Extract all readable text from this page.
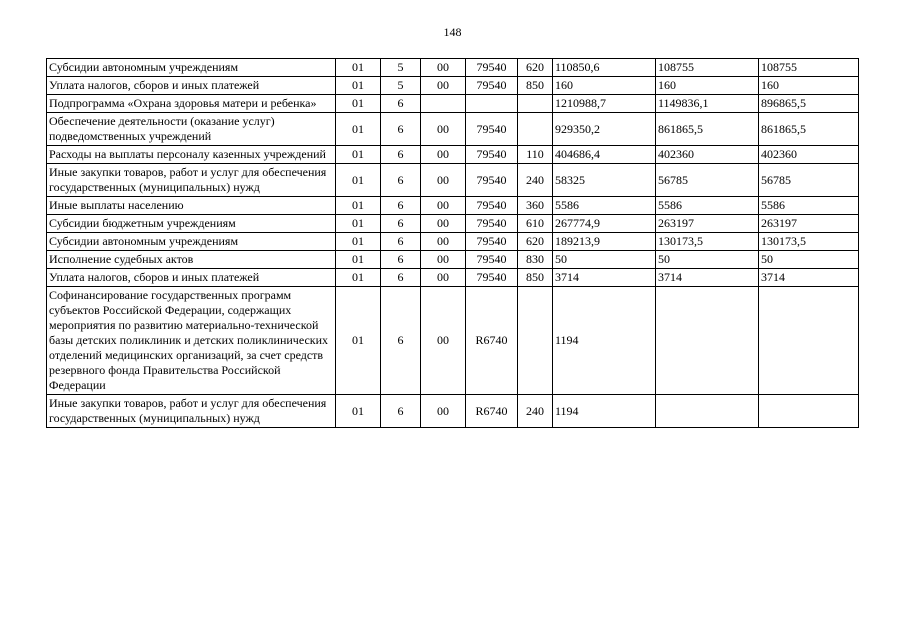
148
Субсидии автономным учреждениям	01	5	00	79540	620	110850,6	108755	108755
Уплата налогов, сборов и иных платежей	01	5	00	79540	850	160	160	160
Подпрограмма «Охрана здоровья матери и ребенка»	01	6				1210988,7	1149836,1	896865,5
Обеспечение деятельности (оказание услуг) подведомственных учреждений	01	6	00	79540		929350,2	861865,5	861865,5
Расходы на выплаты персоналу казенных учреждений	01	6	00	79540	110	404686,4	402360	402360
Иные закупки товаров, работ и услуг для обеспечения государственных (муниципальных) нужд	01	6	00	79540	240	58325	56785	56785
Иные выплаты населению	01	6	00	79540	360	5586	5586	5586
Субсидии бюджетным учреждениям	01	6	00	79540	610	267774,9	263197	263197
Субсидии автономным учреждениям	01	6	00	79540	620	189213,9	130173,5	130173,5
Исполнение судебных актов	01	6	00	79540	830	50	50	50
Уплата налогов, сборов и иных платежей	01	6	00	79540	850	3714	3714	3714
Софинансирование государственных программ субъектов Российской Федерации, содержащих мероприятия по развитию материально-технической базы детских поликлиник и детских поликлинических отделений медицинских организаций, за счет средств резервного фонда Правительства Российской Федерации	01	6	00	R6740		1194		
Иные закупки товаров, работ и услуг для обеспечения государственных (муниципальных) нужд	01	6	00	R6740	240	1194		
